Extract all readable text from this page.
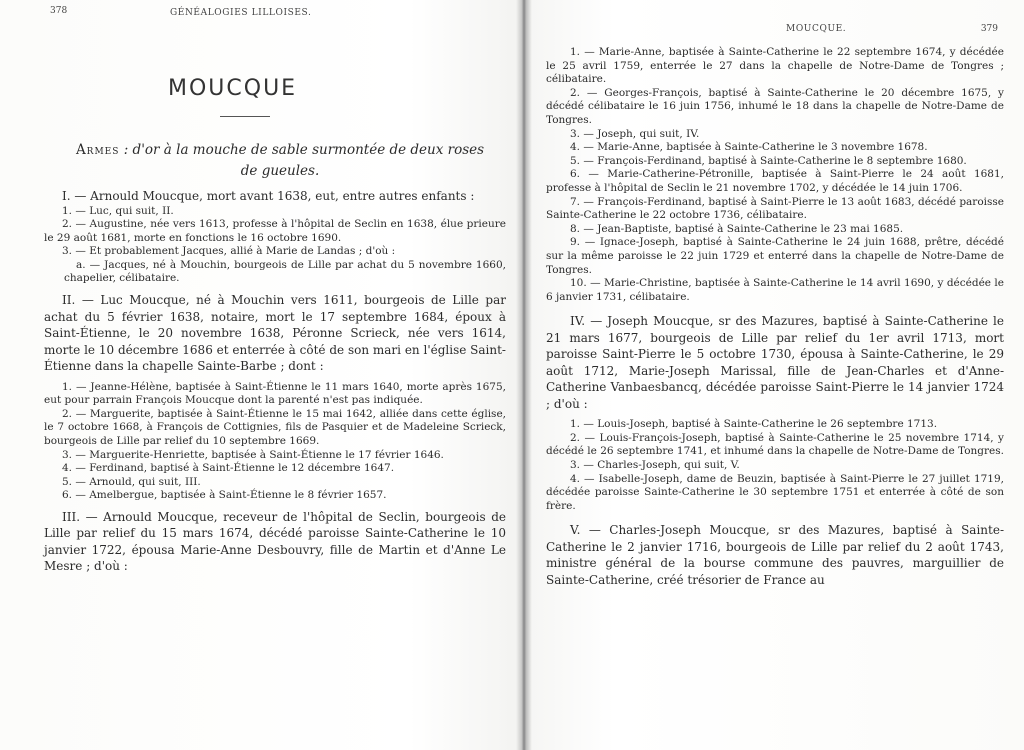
378	GÉNÉALOGIES LILLOISES.
MOUCQUE
Armes : d'or à la mouche de sable surmontée de deux roses de gueules.

I. — Arnould Moucque, mort avant 1638, eut, entre autres enfants :

1. — Luc, qui suit, II.

2. — Augustine, née vers 1613, professe à l'hôpital de Seclin en 1638, élue prieure le 29 août 1681, morte en fonctions le 16 octobre 1690.

3. — Et probablement Jacques, allié à Marie de Landas ; d'où :

a. — Jacques, né à Mouchin, bourgeois de Lille par achat du 5 novembre 1660, chapelier, célibataire.

II. — Luc Moucque, né à Mouchin vers 1611, bourgeois de Lille par achat du 5 février 1638, notaire, mort le 17 septembre 1684, époux à Saint-Étienne, le 20 novembre 1638, Péronne Scrieck, née vers 1614, morte le 10 décembre 1686 et enterrée à côté de son mari en l'église Saint-Étienne dans la chapelle Sainte-Barbe ; dont :

1. — Jeanne-Hélène, baptisée à Saint-Étienne le 11 mars 1640, morte après 1675, eut pour parrain François Moucque dont la parenté n'est pas indiquée.

2. — Marguerite, baptisée à Saint-Étienne le 15 mai 1642, alliée dans cette église, le 7 octobre 1668, à François de Cottignies, fils de Pasquier et de Madeleine Scrieck, bourgeois de Lille par relief du 10 septembre 1669.

3. — Marguerite-Henriette, baptisée à Saint-Étienne le 17 février 1646.

4. — Ferdinand, baptisé à Saint-Étienne le 12 décembre 1647.

5. — Arnould, qui suit, III.

6. — Amelbergue, baptisée à Saint-Étienne le 8 février 1657.

III. — Arnould Moucque, receveur de l'hôpital de Seclin, bourgeois de Lille par relief du 15 mars 1674, décédé paroisse Sainte-Catherine le 10 janvier 1722, épousa Marie-Anne Desbouvry, fille de Martin et d'Anne Le Mesre ; d'où :

MOUCQUE.	379

1. — Marie-Anne, baptisée à Sainte-Catherine le 22 septembre 1674, y décédée le 25 avril 1759, enterrée le 27 dans la chapelle de Notre-Dame de Tongres ; célibataire.

2. — Georges-François, baptisé à Sainte-Catherine le 20 décembre 1675, y décédé célibataire le 16 juin 1756, inhumé le 18 dans la chapelle de Notre-Dame de Tongres.

3. — Joseph, qui suit, IV.

4. — Marie-Anne, baptisée à Sainte-Catherine le 3 novembre 1678.

5. — François-Ferdinand, baptisé à Sainte-Catherine le 8 septembre 1680.

6. — Marie-Catherine-Pétronille, baptisée à Saint-Pierre le 24 août 1681, professe à l'hôpital de Seclin le 21 novembre 1702, y décédée le 14 juin 1706.

7. — François-Ferdinand, baptisé à Saint-Pierre le 13 août 1683, décédé paroisse Sainte-Catherine le 22 octobre 1736, célibataire.

8. — Jean-Baptiste, baptisé à Sainte-Catherine le 23 mai 1685.

9. — Ignace-Joseph, baptisé à Sainte-Catherine le 24 juin 1688, prêtre, décédé sur la même paroisse le 22 juin 1729 et enterré dans la chapelle de Notre-Dame de Tongres.

10. — Marie-Christine, baptisée à Sainte-Catherine le 14 avril 1690, y décédée le 6 janvier 1731, célibataire.

IV. — Joseph Moucque, sr des Mazures, baptisé à Sainte-Catherine le 21 mars 1677, bourgeois de Lille par relief du 1er avril 1713, mort paroisse Saint-Pierre le 5 octobre 1730, épousa à Sainte-Catherine, le 29 août 1712, Marie-Joseph Marissal, fille de Jean-Charles et d'Anne-Catherine Vanbaesbancq, décédée paroisse Saint-Pierre le 14 janvier 1724 ; d'où :

1. — Louis-Joseph, baptisé à Sainte-Catherine le 26 septembre 1713.

2. — Louis-François-Joseph, baptisé à Sainte-Catherine le 25 novembre 1714, y décédé le 26 septembre 1741, et inhumé dans la chapelle de Notre-Dame de Tongres.

3. — Charles-Joseph, qui suit, V.

4. — Isabelle-Joseph, dame de Beuzin, baptisée à Saint-Pierre le 27 juillet 1719, décédée paroisse Sainte-Catherine le 30 septembre 1751 et enterrée à côté de son frère.

V. — Charles-Joseph Moucque, sr des Mazures, baptisé à Sainte-Catherine le 2 janvier 1716, bourgeois de Lille par relief du 2 août 1743, ministre général de la bourse commune des pauvres, marguillier de Sainte-Catherine, créé trésorier de France au
